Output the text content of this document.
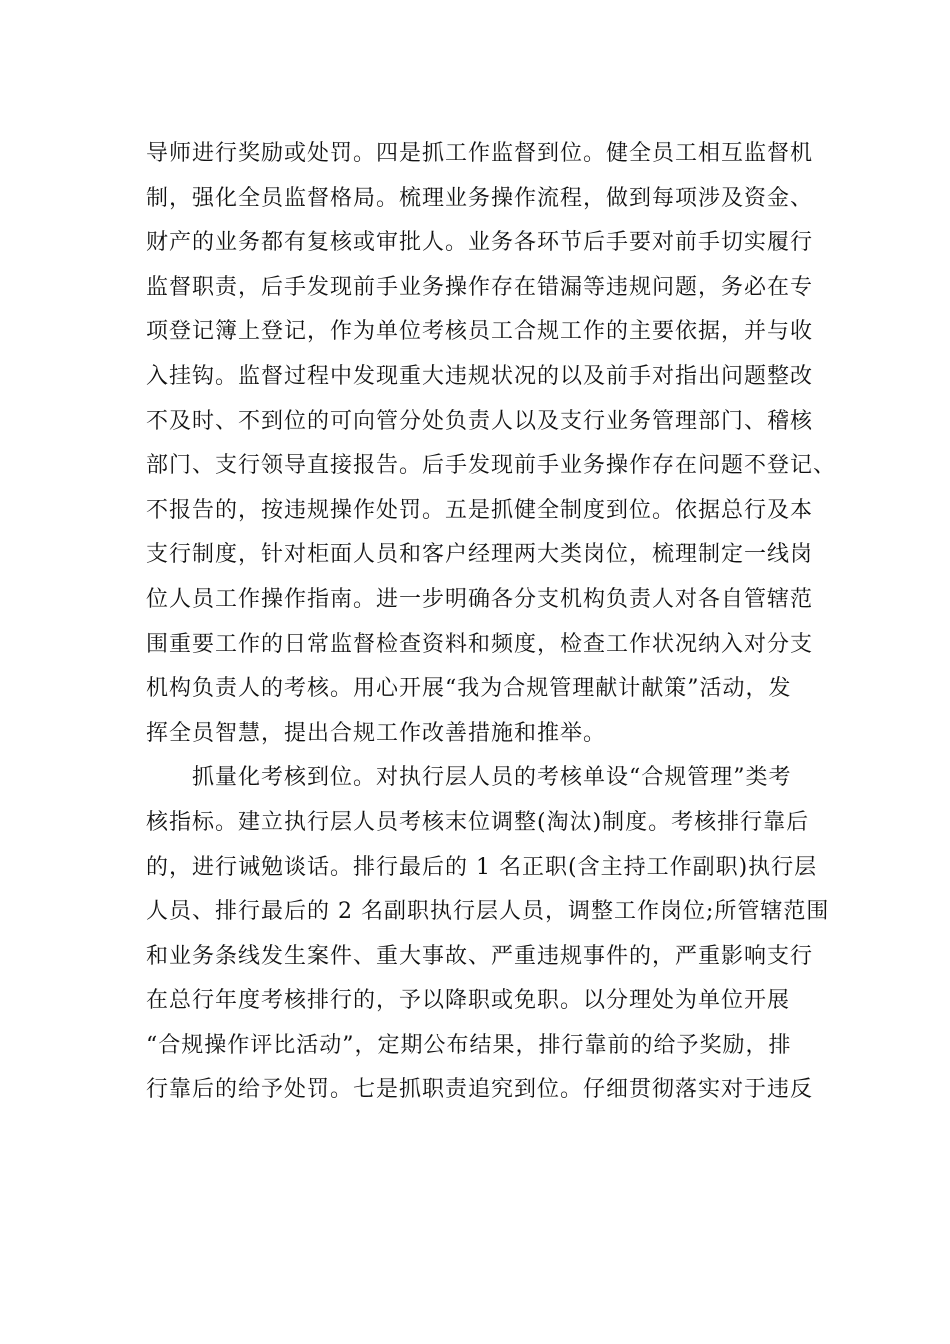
导师进行奖励或处罚。四是抓工作监督到位。健全员工相互监督机
制，强化全员监督格局。梳理业务操作流程，做到每项涉及资金、
财产的业务都有复核或审批人。业务各环节后手要对前手切实履行
监督职责，后手发现前手业务操作存在错漏等违规问题，务必在专
项登记簿上登记，作为单位考核员工合规工作的主要依据，并与收
入挂钩。监督过程中发现重大违规状况的以及前手对指出问题整改
不及时、不到位的可向管分处负责人以及支行业务管理部门、稽核
部门、支行领导直接报告。后手发现前手业务操作存在问题不登记、
不报告的，按违规操作处罚。五是抓健全制度到位。依据总行及本
支行制度，针对柜面人员和客户经理两大类岗位，梳理制定一线岗
位人员工作操作指南。进一步明确各分支机构负责人对各自管辖范
围重要工作的日常监督检查资料和频度，检查工作状况纳入对分支
机构负责人的考核。用心开展“我为合规管理献计献策”活动，发
挥全员智慧，提出合规工作改善措施和推举。
　　抓量化考核到位。对执行层人员的考核单设“合规管理”类考
核指标。建立执行层人员考核末位调整(淘汰)制度。考核排行靠后
的，进行诫勉谈话。排行最后的 1 名正职(含主持工作副职)执行层
人员、排行最后的 2 名副职执行层人员，调整工作岗位;所管辖范围
和业务条线发生案件、重大事故、严重违规事件的，严重影响支行
在总行年度考核排行的，予以降职或免职。以分理处为单位开展
“合规操作评比活动”，定期公布结果，排行靠前的给予奖励，排
行靠后的给予处罚。七是抓职责追究到位。仔细贯彻落实对于违反
